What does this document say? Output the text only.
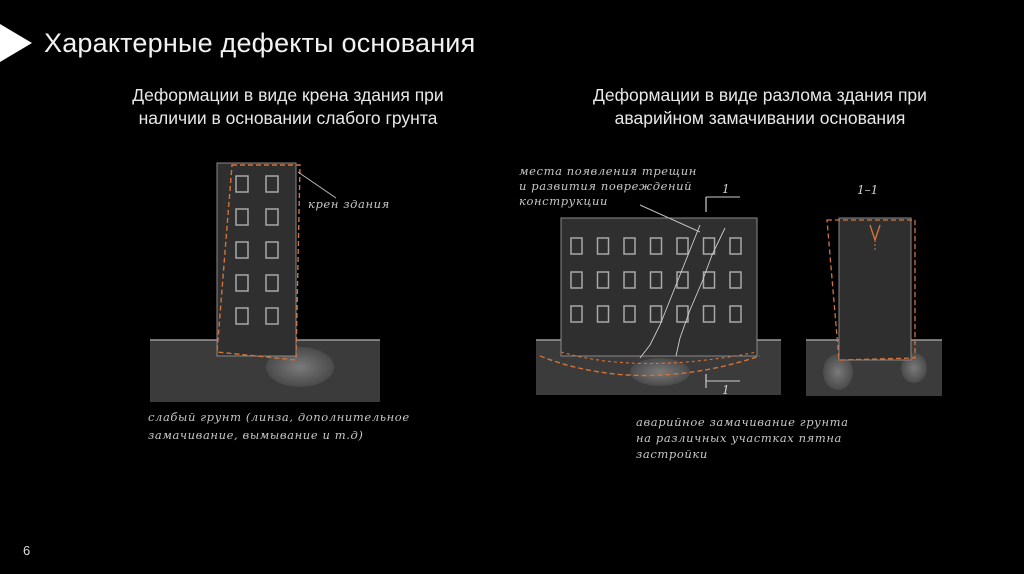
Характерные дефекты основания
Деформации в виде крена здания при
наличии в основании слабого грунта
Деформации в виде разлома здания при
аварийном замачивании основания
крен здания
слабый грунт (линза, дополнительное
замачивание, вымывание и т.д)
места появления трещин
и развития повреждений
конструкции
1
1
аварийное замачивание грунта
на различных участках пятна
застройки
1–1
6
